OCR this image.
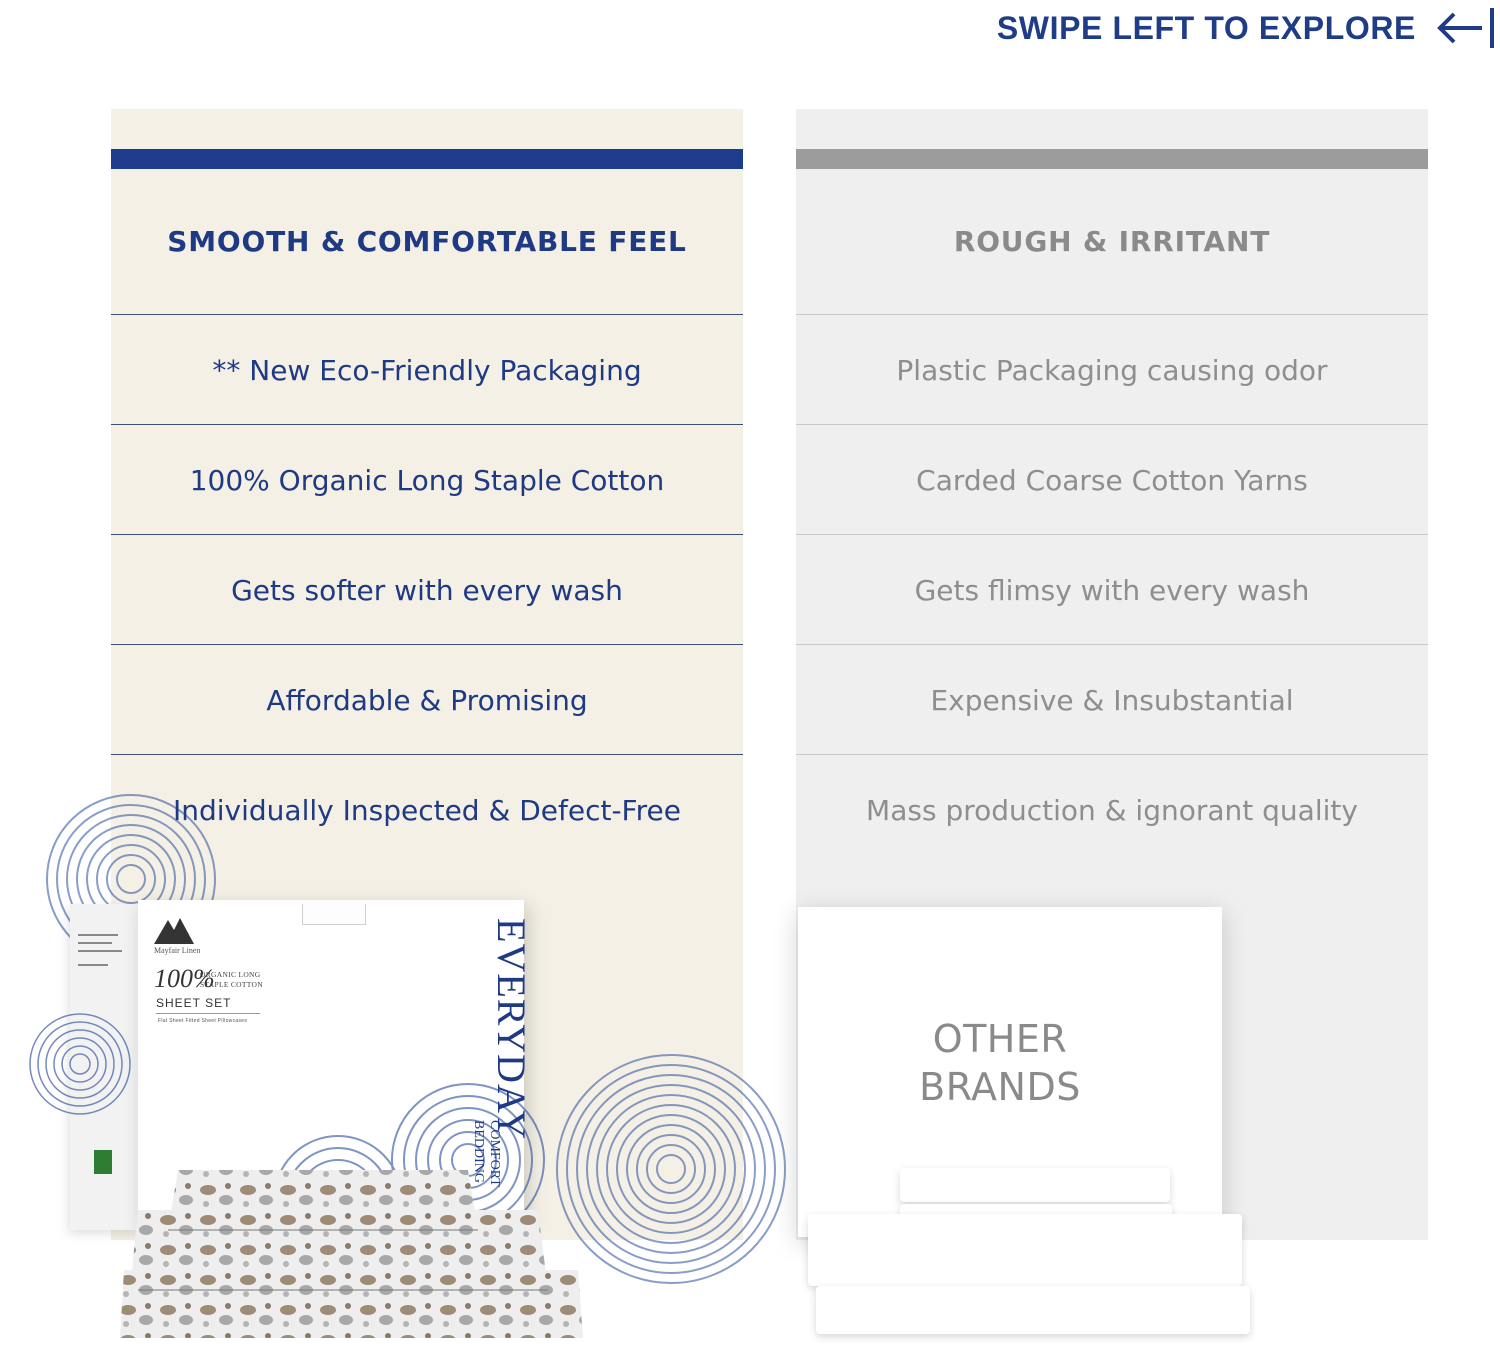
SWIPE LEFT TO EXPLORE
SMOOTH & COMFORTABLE FEEL
** New Eco-Friendly Packaging
100% Organic Long Staple Cotton
Gets softer with every wash
Affordable & Promising
Individually Inspected & Defect-Free
ROUGH & IRRITANT
Plastic Packaging causing odor
Carded Coarse Cotton Yarns
Gets flimsy with every wash
Expensive & Insubstantial
Mass production & ignorant quality
Mayfair Linen
100%
ORGANIC LONG
STAPLE COTTON
SHEET SET
Flat Sheet Fitted Sheet Pillowcases
COMFORT
BEDDING
EVERYDAY	OTHER
BRANDS
